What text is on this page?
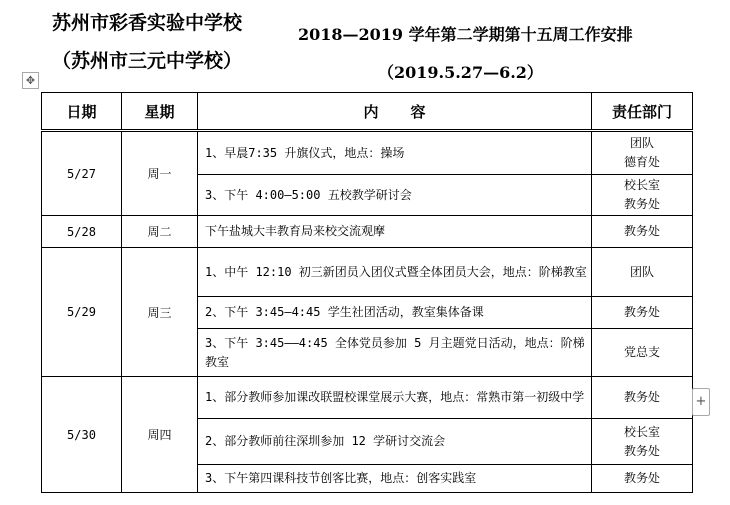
苏州市彩香实验中学校
（苏州市三元中学校）
2018—2019 学年第二学期第十五周工作安排
（2019.5.27—6.2）
✥
日期	星期	内容	责任部门
5/27	周一	1、早晨7:35 升旗仪式，地点：操场	团队
德育处

		3、下午 4:00—5:00 五校教学研讨会	校长室
教务处

5/28	周二	下午盐城大丰教育局来校交流观摩	教务处

5/29	周三	1、中午 12:10 初三新团员入团仪式暨全体团员大会，地点：阶梯教室	团队

		2、下午 3:45—4:45 学生社团活动，教室集体备课	教务处

		3、下午 3:45——4:45 全体党员参加 5 月主题党日活动，地点：阶梯教室	党总支

5/30	周四	1、部分教师参加课改联盟校课堂展示大赛，地点：常熟市第一初级中学	教务处

		2、部分教师前往深圳参加 12 学研讨交流会	校长室
教务处

		3、下午第四课科技节创客比赛，地点：创客实践室	教务处
+
